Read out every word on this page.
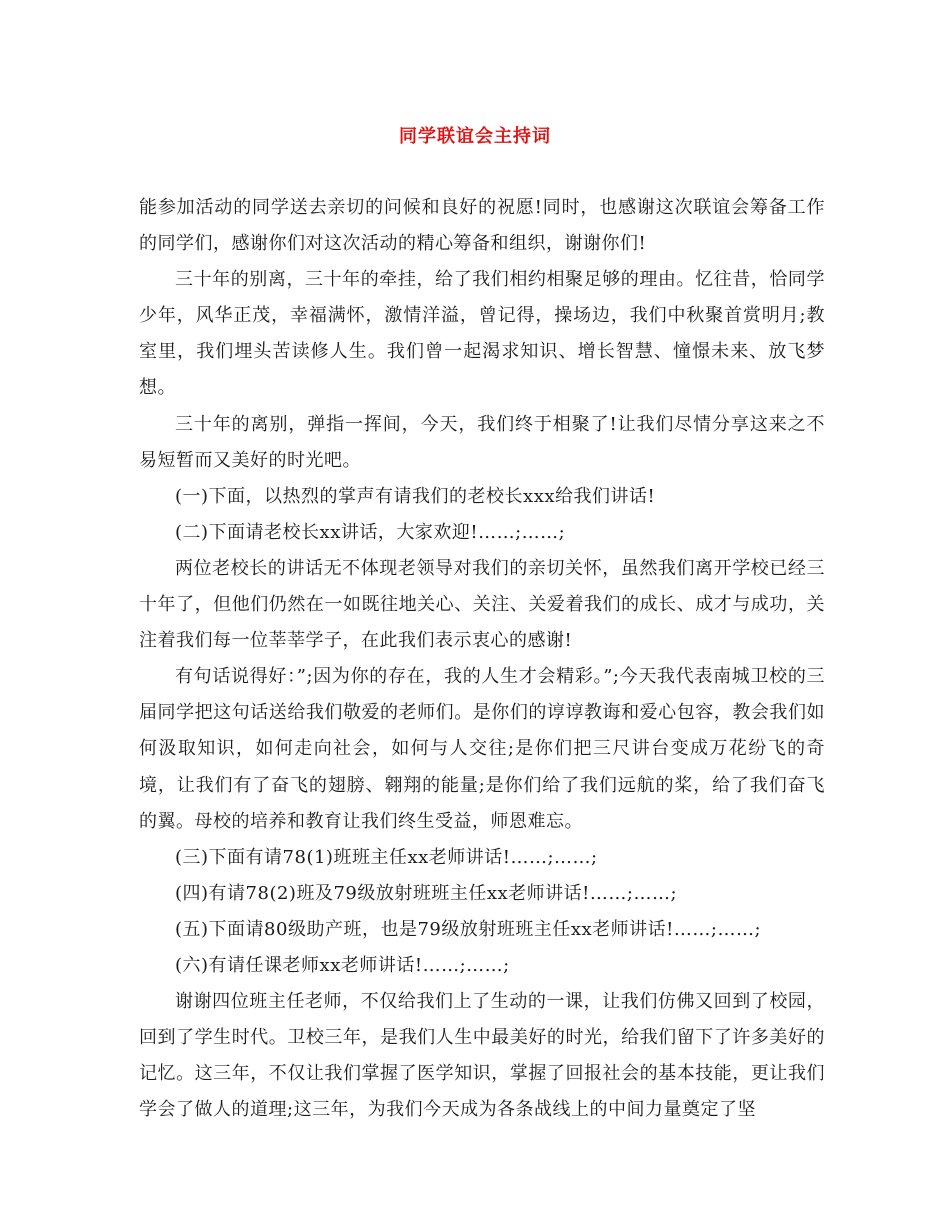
同学联谊会主持词

能参加活动的同学送去亲切的问候和良好的祝愿!同时，也感谢这次联谊会筹备工作的同学们，感谢你们对这次活动的精心筹备和组织，谢谢你们!

三十年的别离，三十年的牵挂，给了我们相约相聚足够的理由。忆往昔，恰同学少年，风华正茂，幸福满怀，激情洋溢，曾记得，操场边，我们中秋聚首赏明月;教室里，我们埋头苦读修人生。我们曾一起渴求知识、增长智慧、憧憬未来、放飞梦想。

三十年的离别，弹指一挥间，今天，我们终于相聚了!让我们尽情分享这来之不易短暂而又美好的时光吧。

(一)下面，以热烈的掌声有请我们的老校长xxx给我们讲话!

(二)下面请老校长xx讲话，大家欢迎!……;……;

两位老校长的讲话无不体现老领导对我们的亲切关怀，虽然我们离开学校已经三十年了，但他们仍然在一如既往地关心、关注、关爱着我们的成长、成才与成功，关注着我们每一位莘莘学子，在此我们表示衷心的感谢!

有句话说得好：”;因为你的存在，我的人生才会精彩。”;今天我代表南城卫校的三届同学把这句话送给我们敬爱的老师们。是你们的谆谆教诲和爱心包容，教会我们如何汲取知识，如何走向社会，如何与人交往;是你们把三尺讲台变成万花纷飞的奇境，让我们有了奋飞的翅膀、翱翔的能量;是你们给了我们远航的桨，给了我们奋飞的翼。母校的培养和教育让我们终生受益，师恩难忘。

(三)下面有请78(1)班班主任xx老师讲话!……;……;

(四)有请78(2)班及79级放射班班主任xx老师讲话!……;……;

(五)下面请80级助产班，也是79级放射班班主任xx老师讲话!……;……;

(六)有请任课老师xx老师讲话!……;……;

谢谢四位班主任老师，不仅给我们上了生动的一课，让我们仿佛又回到了校园，回到了学生时代。卫校三年，是我们人生中最美好的时光，给我们留下了许多美好的记忆。这三年，不仅让我们掌握了医学知识，掌握了回报社会的基本技能，更让我们学会了做人的道理;这三年，为我们今天成为各条战线上的中间力量奠定了坚
